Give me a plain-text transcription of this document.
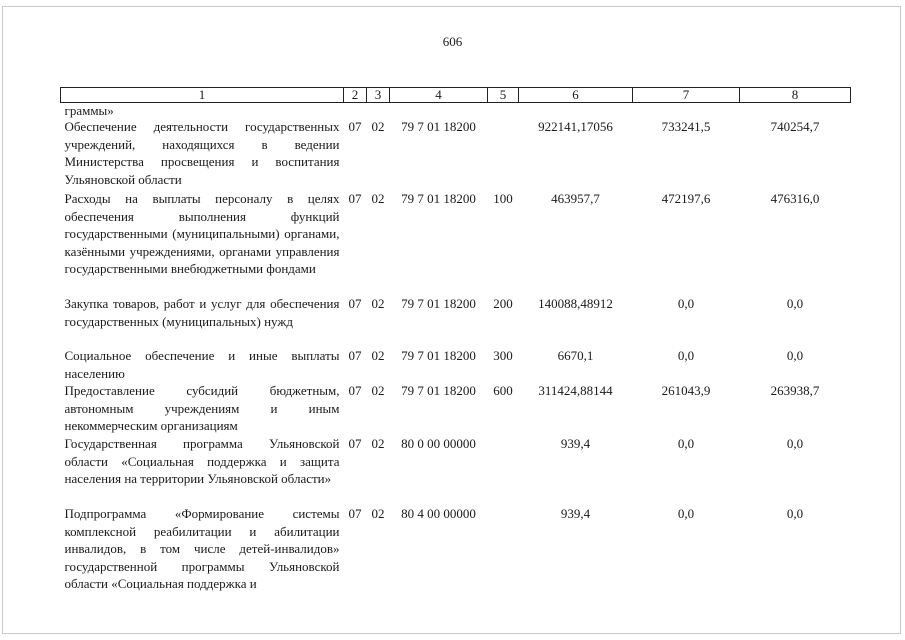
606
1	2	3	4	5	6	7	8
граммы»							
Обеспечение деятельности государственных учреждений, находящихся в ведении Министерства просвещения и воспитания Ульяновской области	07	02	79 7 01 18200		922141,17056	733241,5	740254,7
Расходы на выплаты персоналу в целях обеспечения выполнения функций государственными (муниципальными) органами, казёнными учреждениями, органами управления государственными внебюджетными фондами	07	02	79 7 01 18200	100	463957,7	472197,6	476316,0
Закупка товаров, работ и услуг для обеспечения государственных (муниципальных) нужд	07	02	79 7 01 18200	200	140088,48912	0,0	0,0
Социальное обеспечение и иные выплаты населению	07	02	79 7 01 18200	300	6670,1	0,0	0,0
Предоставление субсидий бюджетным, автономным учреждениям и иным некоммерческим организациям	07	02	79 7 01 18200	600	311424,88144	261043,9	263938,7
Государственная программа Ульяновской области «Социальная поддержка и защита населения на территории Ульяновской области»	07	02	80 0 00 00000		939,4	0,0	0,0
Подпрограмма «Формирование системы комплексной реабилитации и абилитации инвалидов, в том числе детей-инвалидов» государственной программы Ульяновской области «Социальная поддержка и	07	02	80 4 00 00000		939,4	0,0	0,0
